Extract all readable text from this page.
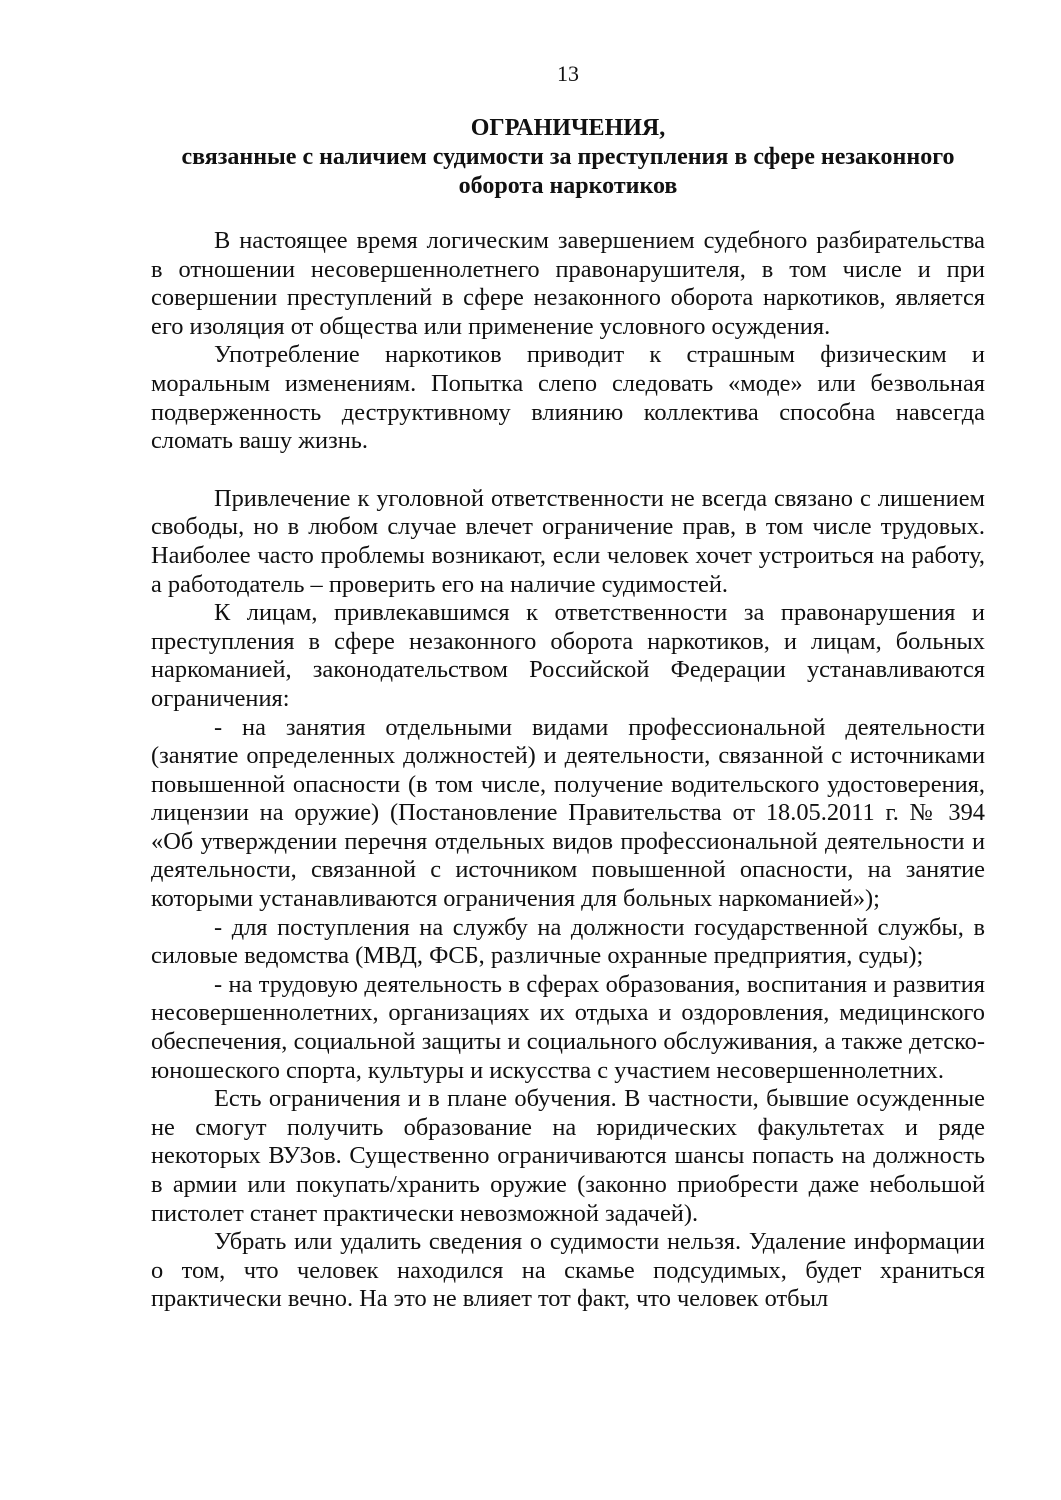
13
ОГРАНИЧЕНИЯ,
связанные с наличием судимости за преступления в сфере незаконного
оборота наркотиков

В настоящее время логическим завершением судебного разбирательства в отношении несовершеннолетнего правонарушителя, в том числе и при совершении преступлений в сфере незаконного оборота наркотиков, является его изоляция от общества или применение условного осуждения.

Употребление наркотиков приводит к страшным физическим и моральным изменениям. Попытка слепо следовать «моде» или безвольная подверженность деструктивному влиянию коллектива способна навсегда сломать вашу жизнь.

Привлечение к уголовной ответственности не всегда связано с лишением свободы, но в любом случае влечет ограничение прав, в том числе трудовых. Наиболее часто проблемы возникают, если человек хочет устроиться на работу, а работодатель – проверить его на наличие судимостей.

К лицам, привлекавшимся к ответственности за правонарушения и преступления в сфере незаконного оборота наркотиков, и лицам, больных наркоманией, законодательством Российской Федерации устанавливаются ограничения:

- на занятия отдельными видами профессиональной деятельности (занятие определенных должностей) и деятельности, связанной с источниками повышенной опасности (в том числе, получение водительского удостоверения, лицензии на оружие) (Постановление Правительства от 18.05.2011 г. № 394 «Об утверждении перечня отдельных видов профессиональной деятельности и деятельности, связанной с источником повышенной опасности, на занятие которыми устанавливаются ограничения для больных наркоманией»);

- для поступления на службу на должности государственной службы, в силовые ведомства (МВД, ФСБ, различные охранные предприятия, суды);

- на трудовую деятельность в сферах образования, воспитания и развития несовершеннолетних, организациях их отдыха и оздоровления, медицинского обеспечения, социальной защиты и социального обслуживания, а также детско-юношеского спорта, культуры и искусства с участием несовершеннолетних.

Есть ограничения и в плане обучения. В частности, бывшие осужденные не смогут получить образование на юридических факультетах и ряде некоторых ВУЗов. Существенно ограничиваются шансы попасть на должность в армии или покупать/хранить оружие (законно приобрести даже небольшой пистолет станет практически невозможной задачей).

Убрать или удалить сведения о судимости нельзя. Удаление информации о том, что человек находился на скамье подсудимых, будет храниться практически вечно. На это не влияет тот факт, что человек отбыл
